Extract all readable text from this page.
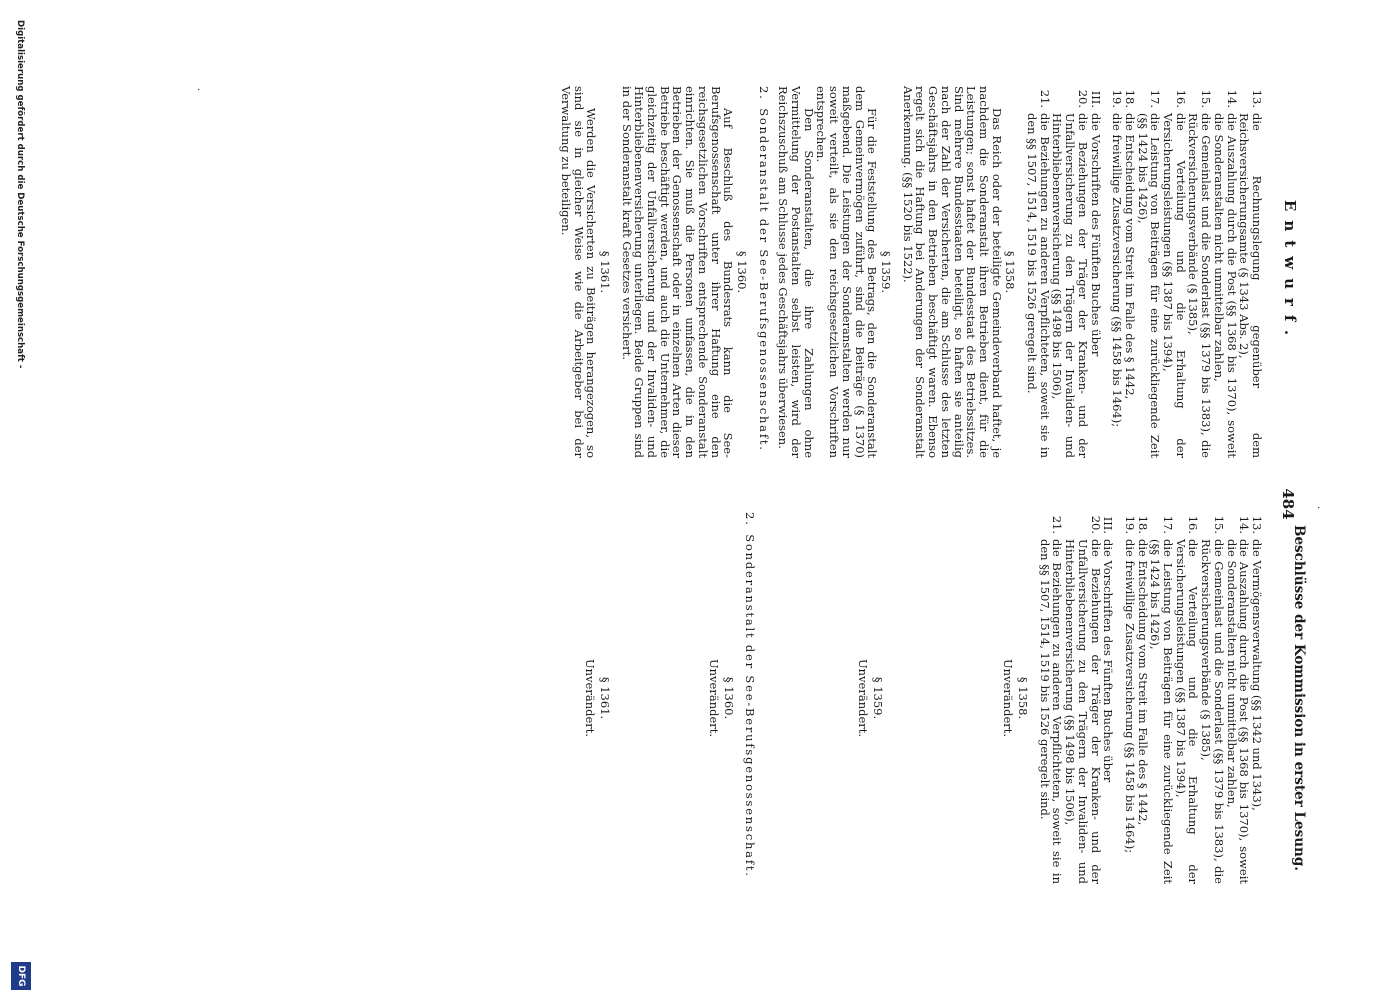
484
Entwurf.
13.
die Rechnungslegung gegenüber dem Reichsversicherungsamte (§ 1343 Abs. 2),
14.
die Auszahlung durch die Post (§§ 1368 bis 1370), soweit die Sonderanstalten nicht unmittelbar zahlen,
15.
die Gemeinlast und die Sonderlast (§§ 1379 bis 1383), die Rückversicherungsverbände (§ 1385),
16.
die Verteilung und die Erhaltung der Versicherungsleistungen (§§ 1387 bis 1394),
17.
die Leistung von Beiträgen für eine zurückliegende Zeit (§§ 1424 bis 1426),
18.
die Entscheidung vom Streit im Falle des § 1442,
19.
die freiwillige Zusatzversicherung (§§ 1458 bis 1464);
III.
die Vorschriften des Fünften Buches über
20.
die Beziehungen der Träger der Kranken- und der Unfallversicherung zu den Trägern der Invaliden- und Hinterbliebenenversicherung (§§ 1498 bis 1506),
21.
die Beziehungen zu anderen Verpflichteten, soweit sie in den §§ 1507, 1514, 1519 bis 1526 geregelt sind.
§ 1358.

Das Reich oder der beteiligte Gemeindeverband haftet, je nachdem die Sonderanstalt ihren Betrieben dient, für die Leistungen; sonst haftet der Bundesstaat des Betriebssitzes. Sind mehrere Bundesstaaten beteiligt, so haften sie anteilig nach der Zahl der Versicherten, die am Schlusse des letzten Geschäftsjahrs in den Betrieben beschäftigt waren. Ebenso regelt sich die Haftung bei Anderungen der Sonderanstalt Anerkennung. (§§ 1520 bis 1522).

§ 1359.

Für die Feststellung des Betrags, den die Sonderanstalt dem Gemeinvermögen zuführt, sind die Beiträge (§ 1370) maßgebend. Die Leistungen der Sonderanstalten werden nur soweit verteilt, als sie den reichsgesetzlichen Vorschriften entsprechen.

Den Sonderanstalten, die ihre Zahlungen ohne Vermittelung der Postanstalten selbst leisten, wird der Reichszuschuß am Schlusse jedes Geschäftsjahrs überwiesen.

2.
Sonderanstalt der See-Berufsgenossenschaft.
§ 1360.

Auf Beschluß des Bundesrats kann die See-Berufsgenossenschaft unter ihrer Haftung eine den reichsgesetzlichen Vorschriften entsprechende Sonderanstalt einrichten. Sie muß die Personen umfassen, die in den Betrieben der Genossenschaft oder in einzelnen Arten dieser Betriebe beschäftigt werden, und auch die Unternehmer, die gleichzeitig der Unfallversicherung und der Invaliden- und Hinterbliebenenversicherung unterliegen. Beide Gruppen sind in der Sonderanstalt kraft Gesetzes versichert.

§ 1361.

Werden die Versicherten zu Beiträgen herangezogen, so sind sie in gleicher Weise wie die Arbeitgeber bei der Verwaltung zu beteiligen.

Beschlüsse der Kommission in erster Lesung.
13.
die Vermögensverwaltung (§§ 1342 und 1343),
14.
die Auszahlung durch die Post (§§ 1368 bis 1370), soweit die Sonderanstalten nicht unmittelbar zahlen,
15.
die Gemeinlast und die Sonderlast (§§ 1379 bis 1383), die Rückversicherungsverbände (§ 1385),
16.
die Verteilung und die Erhaltung der Versicherungsleistungen (§§ 1387 bis 1394),
17.
die Leistung von Beiträgen für eine zurückliegende Zeit (§§ 1424 bis 1426),
18.
die Entscheidung vom Streit im Falle des § 1442,
19.
die freiwillige Zusatzversicherung (§§ 1458 bis 1464);
III.
die Vorschriften des Fünften Buches über
20.
die Beziehungen der Träger der Kranken- und der Unfallversicherung zu den Trägern der Invaliden- und Hinterbliebenenversicherung (§§ 1498 bis 1506),
21.
die Beziehungen zu anderen Verpflichteten, soweit sie in den §§ 1507, 1514, 1519 bis 1526 geregelt sind.
§ 1358.
Unverändert.
§ 1359.
Unverändert.
2.
Sonderanstalt der See-Berufsgenossenschaft.
§ 1360.
Unverändert.
§ 1361.
Unverändert.
·
·
Digitalisierung gefördert durch die Deutsche Forschungsgemeinschaft -
DFG
